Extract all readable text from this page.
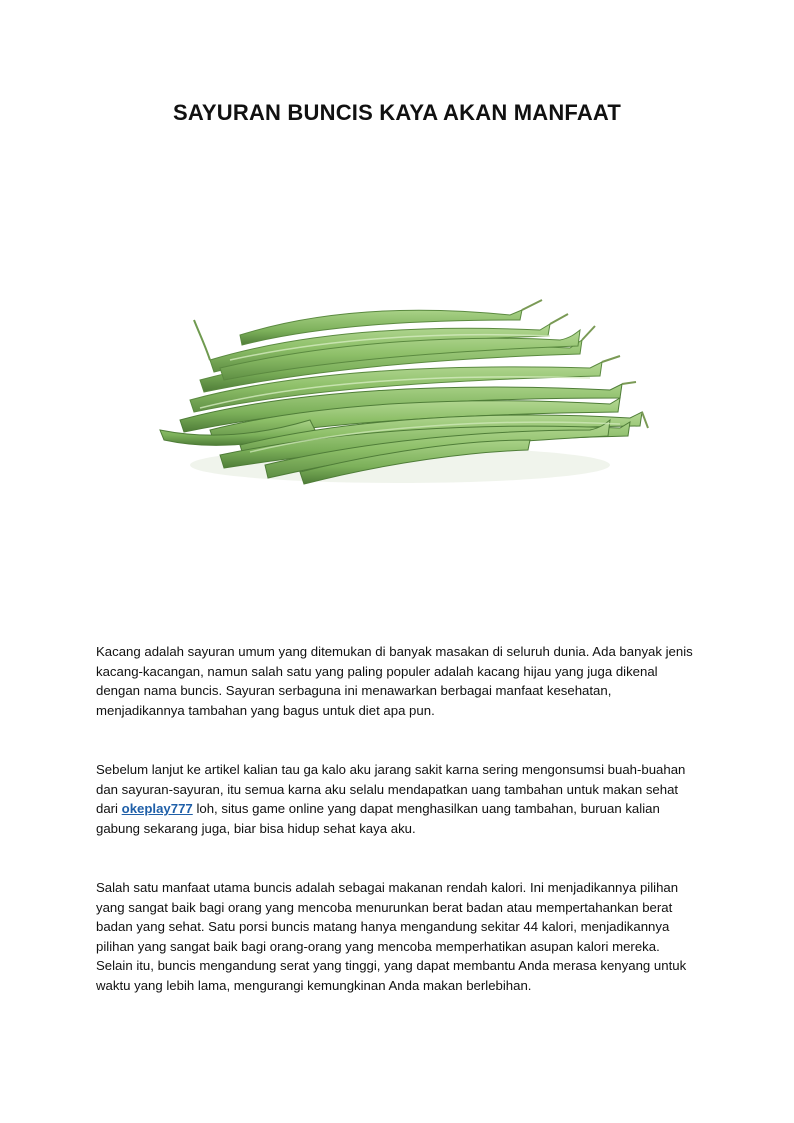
SAYURAN BUNCIS KAYA AKAN MANFAAT

Kacang adalah sayuran umum yang ditemukan di banyak masakan di seluruh dunia. Ada banyak jenis kacang-kacangan, namun salah satu yang paling populer adalah kacang hijau yang juga dikenal dengan nama buncis. Sayuran serbaguna ini menawarkan berbagai manfaat kesehatan, menjadikannya tambahan yang bagus untuk diet apa pun.

Sebelum lanjut ke artikel kalian tau ga kalo aku jarang sakit karna sering mengonsumsi buah-buahan dan sayuran-sayuran, itu semua karna aku selalu mendapatkan uang tambahan untuk makan sehat dari okeplay777 loh, situs game online yang dapat menghasilkan uang tambahan, buruan kalian gabung sekarang juga, biar bisa hidup sehat kaya aku.

Salah satu manfaat utama buncis adalah sebagai makanan rendah kalori. Ini menjadikannya pilihan yang sangat baik bagi orang yang mencoba menurunkan berat badan atau mempertahankan berat badan yang sehat. Satu porsi buncis matang hanya mengandung sekitar 44 kalori, menjadikannya pilihan yang sangat baik bagi orang-orang yang mencoba memperhatikan asupan kalori mereka. Selain itu, buncis mengandung serat yang tinggi, yang dapat membantu Anda merasa kenyang untuk waktu yang lebih lama, mengurangi kemungkinan Anda makan berlebihan.
